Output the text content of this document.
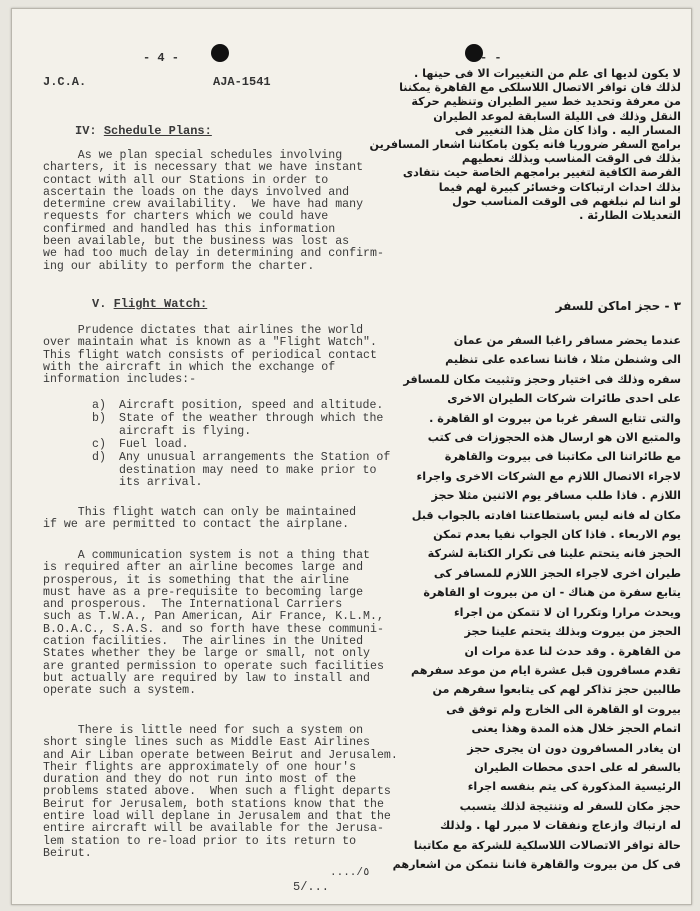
- 4 -
J.C.A.	AJA-1541
- -
IV: Schedule Plans:
As we plan special schedules involving
charters, it is necessary that we have instant
contact with all our Stations in order to
ascertain the loads on the days involved and
determine crew availability.  We have had many
requests for charters which we could have
confirmed and handled has this information
been available, but the business was lost as
we had too much delay in determining and confirm-
ing our ability to perform the charter.
V. Flight Watch:
Prudence dictates that airlines the world
over maintain what is known as a "Flight Watch".
This flight watch consists of periodical contact
with the aircraft in which the exchange of
information includes:-
a) Aircraft position, speed and altitude.
b) State of the weather through which the
aircraft is flying.
c) Fuel load.
d) Any unusual arrangements the Station of
destination may need to make prior to
its arrival.
This flight watch can only be maintained
if we are permitted to contact the airplane.
A communication system is not a thing that
is required after an airline becomes large and
prosperous, it is something that the airline
must have as a pre-requisite to becoming large
and prosperous.  The International Carriers
such as T.W.A., Pan American, Air France, K.L.M.,
B.O.A.C., S.A.S. and so forth have these communi-
cation facilities.  The airlines in the United
States whether they be large or small, not only
are granted permission to operate such facilities
but actually are required by law to install and
operate such a system.
There is little need for such a system on
short single lines such as Middle East Airlines
and Air Liban operate between Beirut and Jerusalem.
Their flights are approximately of one hour's
duration and they do not run into most of the
problems stated above.  When such a flight departs
Beirut for Jerusalem, both stations know that the
entire load will deplane in Jerusalem and that the
entire aircraft will be available for the Jerusa-
lem station to re-load prior to its return to
Beirut.
لا يكون لديها اى علم من التغييرات الا فى حينها .
لذلك فان توافر الاتصال اللاسلكى مع القاهرة يمكننا
من معرفة وتحديد خط سير الطيران وتنظيم حركة
النقل وذلك فى الليلة السابقة لموعد الطيران
المسار اليه . واذا كان مثل هذا التغيير فى
برامج السفر ضروريا فانه يكون بامكاننا اشعار المسافرين
بذلك فى الوقت المناسب وبذلك نعطيهم
الفرصة الكافية لتغيير برامجهم الخاصة حيث نتفادى
بذلك احداث ارتباكات وخسائر كبيرة لهم فيما
لو اننا لم نبلغهم فى الوقت المناسب حول
التعديلات الطارئة .
٣ - حجز اماكن للسفر
عندما يحضر مسافر راغبا السفر من عمان
الى وشنطن مثلا ، فاننا نساعده على تنظيم
سفره وذلك فى اختيار وحجز وتثبيت مكان للمسافر
على احدى طائرات شركات الطيران الاخرى
والتى تتابع السفر غربا من بيروت او القاهرة .
والمتبع الان هو ارسال هذه الحجوزات فى كتب
مع طائراتنا الى مكاتبنا فى بيروت والقاهرة
لاجراء الاتصال اللازم مع الشركات الاخرى واجراء
اللازم . فاذا طلب مسافر يوم الاثنين مثلا حجز
مكان له فانه ليس باستطاعتنا افادته بالجواب قبل
يوم الاربعاء . فاذا كان الجواب نفيا بعدم تمكن
الحجز فانه يتحتم علينا فى تكرار الكتابة لشركة
طيران اخرى لاجراء الحجز اللازم للمسافر كى
يتابع سفرة من هناك - ان من بيروت او القاهرة
ويحدث مرارا وتكررا ان لا تتمكن من اجراء
الحجز من بيروت وبذلك يتحتم علينا حجز
من القاهرة . وقد حدث لنا عدة مرات ان
تقدم مسافرون قبل عشرة ايام من موعد سفرهم
طالبين حجز تذاكر لهم كى يتابعوا سفرهم من
بيروت او القاهرة الى الخارج ولم توفق فى
اتمام الحجز خلال هذه المدة وهذا يعنى
ان يغادر المسافرون دون ان يجرى حجز
بالسفر له على احدى محطات الطيران
الرئيسية المذكورة كى يتم بنفسه اجراء
حجز مكان للسفر له وتنتيجة لذلك يتسبب
له ارتباك وازعاج ونفقات لا مبرر لها . ولذلك
حالة توافر الاتصالات اللاسلكية للشركة مع مكاتبنا
فى كل من بيروت والقاهرة فاننا نتمكن من اشعارهم
5/...
..../٥
